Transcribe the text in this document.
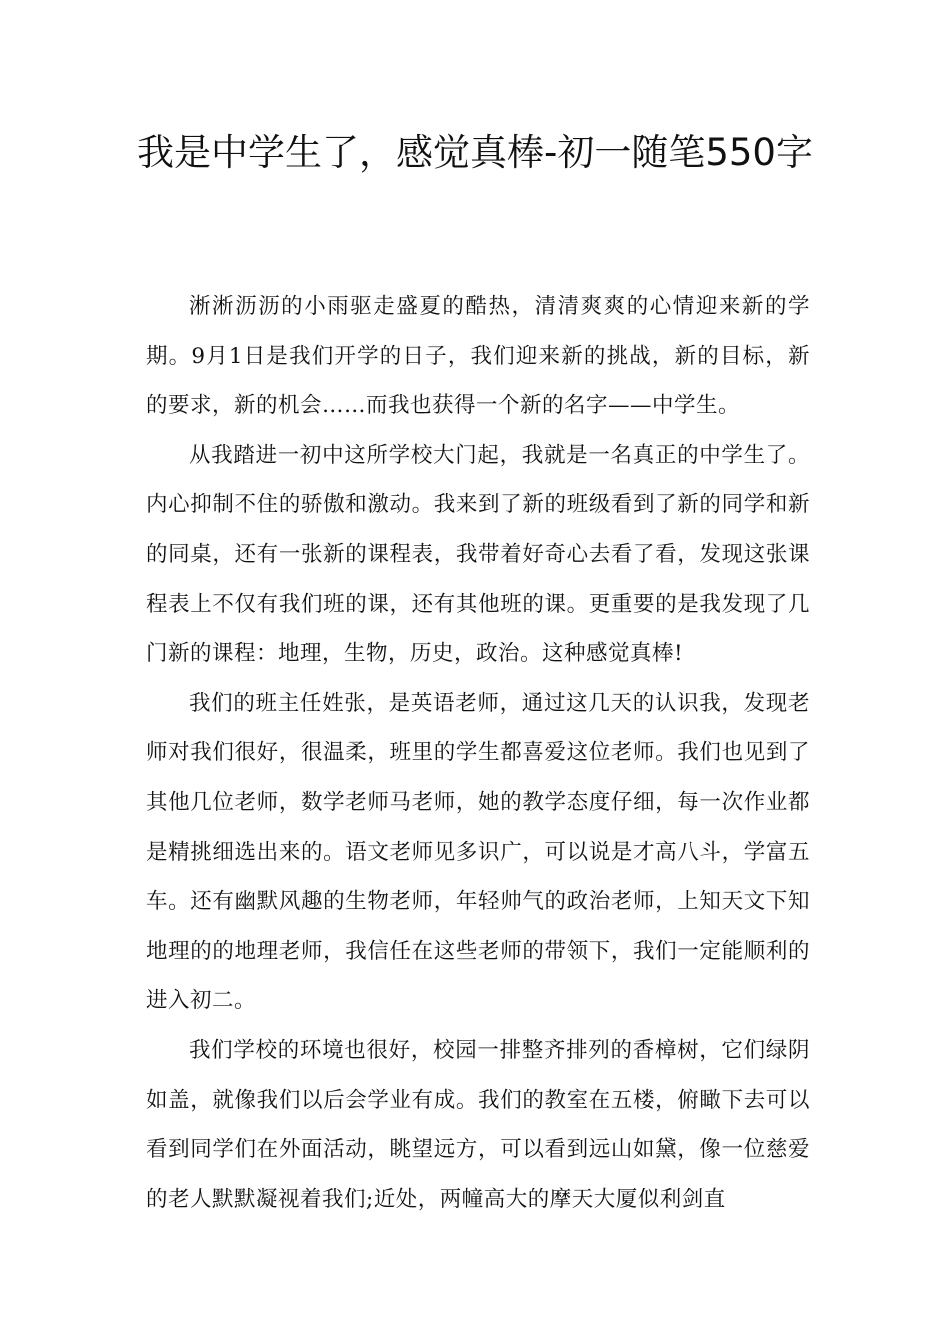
我是中学生了，感觉真棒-初一随笔550字

淅淅沥沥的小雨驱走盛夏的酷热，清清爽爽的心情迎来新的学期。9月1日是我们开学的日子，我们迎来新的挑战，新的目标，新的要求，新的机会……而我也获得一个新的名字——中学生。

从我踏进一初中这所学校大门起，我就是一名真正的中学生了。内心抑制不住的骄傲和激动。我来到了新的班级看到了新的同学和新的同桌，还有一张新的课程表，我带着好奇心去看了看，发现这张课程表上不仅有我们班的课，还有其他班的课。更重要的是我发现了几门新的课程：地理，生物，历史，政治。这种感觉真棒!

我们的班主任姓张，是英语老师，通过这几天的认识我，发现老师对我们很好，很温柔，班里的学生都喜爱这位老师。我们也见到了其他几位老师，数学老师马老师，她的教学态度仔细，每一次作业都是精挑细选出来的。语文老师见多识广，可以说是才高八斗，学富五车。还有幽默风趣的生物老师，年轻帅气的政治老师，上知天文下知地理的的地理老师，我信任在这些老师的带领下，我们一定能顺利的进入初二。

我们学校的环境也很好，校园一排整齐排列的香樟树，它们绿阴如盖，就像我们以后会学业有成。我们的教室在五楼，俯瞰下去可以看到同学们在外面活动，眺望远方，可以看到远山如黛，像一位慈爱的老人默默凝视着我们;近处，两幢高大的摩天大厦似利剑直
